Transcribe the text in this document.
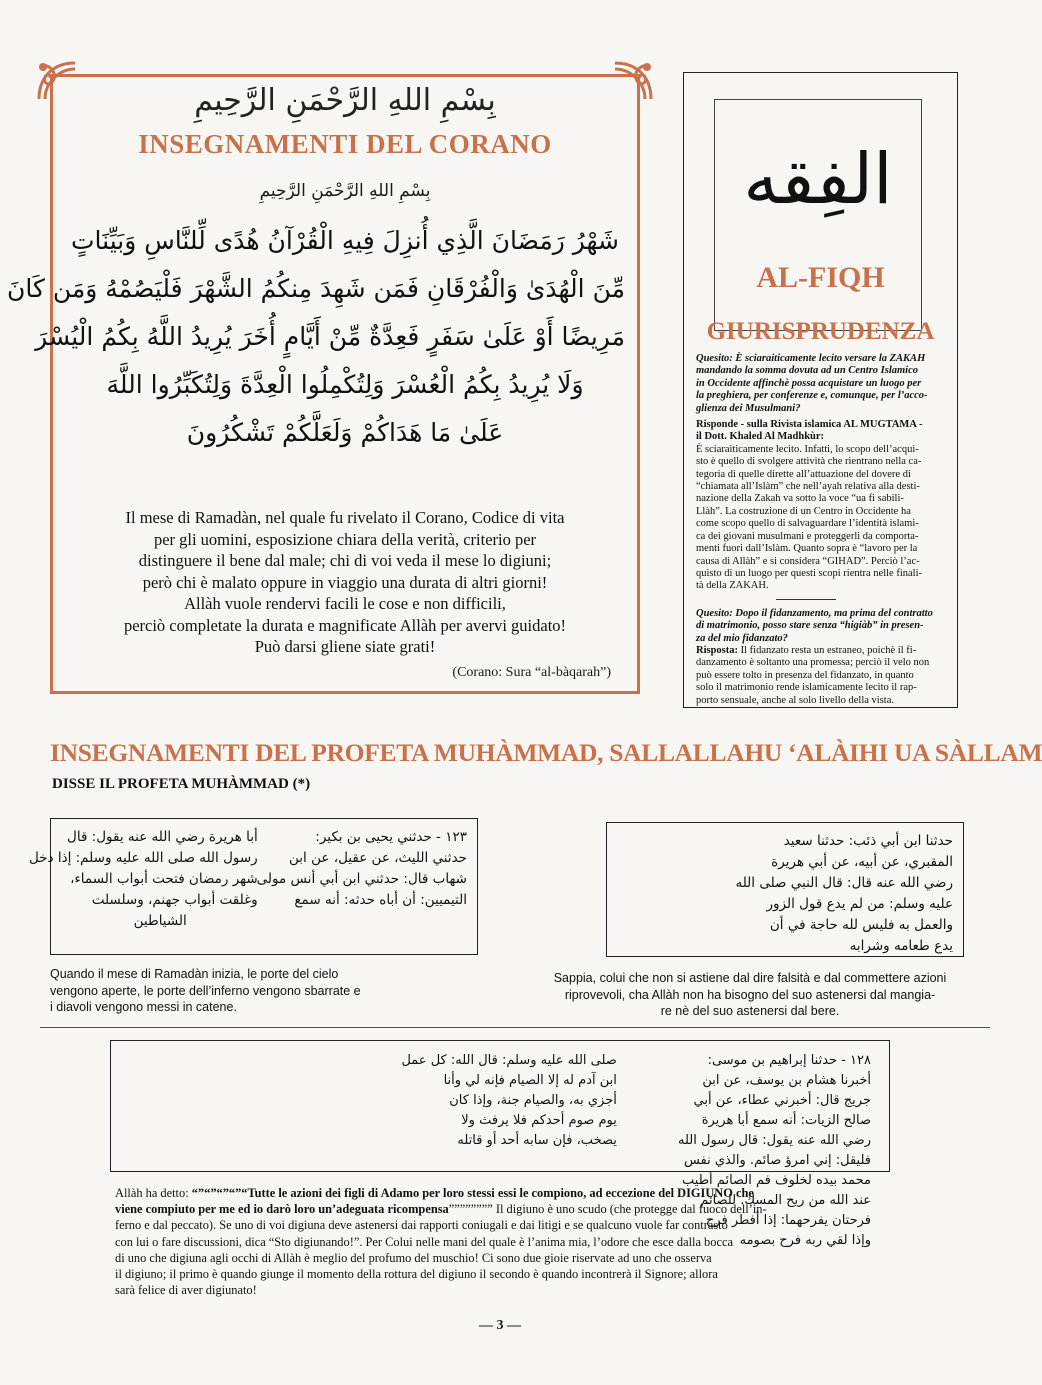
بِسْمِ اللهِ الرَّحْمَنِ الرَّحِيمِ
INSEGNAMENTI DEL CORANO
بِسْمِ اللهِ الرَّحْمَنِ الرَّحِيمِ
شَهْرُ رَمَضَانَ الَّذِي أُنزِلَ فِيهِ الْقُرْآنُ هُدًى لِّلنَّاسِ وَبَيِّنَاتٍ
مِّنَ الْهُدَىٰ وَالْفُرْقَانِ فَمَن شَهِدَ مِنكُمُ الشَّهْرَ فَلْيَصُمْهُ وَمَن كَانَ
مَرِيضًا أَوْ عَلَىٰ سَفَرٍ فَعِدَّةٌ مِّنْ أَيَّامٍ أُخَرَ يُرِيدُ اللَّهُ بِكُمُ الْيُسْرَ
وَلَا يُرِيدُ بِكُمُ الْعُسْرَ وَلِتُكْمِلُوا الْعِدَّةَ وَلِتُكَبِّرُوا اللَّهَ
عَلَىٰ مَا هَدَاكُمْ وَلَعَلَّكُمْ تَشْكُرُونَ
Il mese di Ramadàn, nel quale fu rivelato il Corano, Codice di vita
per gli uomini, esposizione chiara della verità, criterio per
distinguere il bene dal male; chi di voi veda il mese lo digiuni;
però chi è malato oppure in viaggio una durata di altri giorni!
Allàh vuole rendervi facili le cose e non difficili,
perciò completate la durata e magnificate Allàh per avervi guidato!
Può darsi gliene siate grati!
(Corano: Sura “al-bàqarah”)
الفِقه
AL-FIQH
GIURISPRUDENZA
Quesito: È sciaraiticamente lecito versare la ZAKAH
mandando la somma dovuta ad un Centro Islamico
in Occidente affinchè possa acquistare un luogo per
la preghiera, per conferenze e, comunque, per l’acco-
glienza dei Musulmani?
Risponde - sulla Rivista islamica AL MUGTAMA -
il Dott. Khaled Al Madhkùr:
È sciaraiticamente lecito. Infatti, lo scopo dell’acqui-
sto è quello di svolgere attività che rientrano nella ca-
tegoria di quelle dirette all’attuazione del dovere di
“chiamata all’Islàm” che nell’ayah relativa alla desti-
nazione della Zakah va sotto la voce “ua fi sabili-
Llàh”. La costruzione di un Centro in Occidente ha
come scopo quello di salvaguardare l’identità islami-
ca dei giovani musulmani e proteggerli da comporta-
menti fuori dall’Islàm. Quanto sopra è “lavoro per la
causa di Allàh” e si considera “GIHAD”. Perciò l’ac-
quisto di un luogo per questi scopi rientra nelle finali-
tà della ZAKAH.
Quesito: Dopo il fidanzamento, ma prima del contratto
di matrimonio, posso stare senza “higiàb” in presen-
za del mio fidanzato?
Risposta: Il fidanzato resta un estraneo, poichè il fi-
danzamento è soltanto una promessa; perciò il velo non
può essere tolto in presenza del fidanzato, in quanto
solo il matrimonio rende islamicamente lecito il rap-
porto sensuale, anche al solo livello della vista.
INSEGNAMENTI DEL PROFETA MUHÀMMAD, SALLALLAHU ‘ALÀIHI UA SÀLLAM
DISSE IL PROFETA MUHÀMMAD (*)
١٢٣ - حدثني يحيى بن بكير:
حدثني الليث، عن عقيل، عن ابن
شهاب قال: حدثني ابن أبي أنس مولى
التيميين: أن أباه حدثه: أنه سمع

أبا هريرة رضي الله عنه يقول: قال
رسول الله صلى الله عليه وسلم: إذا دخل
شهر رمضان فتحت أبواب السماء،
وغلقت أبواب جهنم، وسلسلت
الشياطين
حدثنا ابن أبي ذئب: حدثنا سعيد
المقبري، عن أبيه، عن أبي هريرة
رضي الله عنه قال: قال النبي صلى الله
عليه وسلم: من لم يدع قول الزور
والعمل به فليس لله حاجة في أن
يدع طعامه وشرابه
Quando il mese di Ramadàn inizia, le porte del cielo
vengono aperte, le porte dell’inferno vengono sbarrate e
i diavoli vengono messi in catene.
Sappia, colui che non si astiene dal dire falsità e dal commettere azioni
riprovevoli, cha Allàh non ha bisogno del suo astenersi dal mangia-
re nè del suo astenersi dal bere.
١٢٨ - حدثنا إبراهيم بن موسى:
أخبرنا هشام بن يوسف، عن ابن
جريج قال: أخبرني عطاء، عن أبي
صالح الزيات: أنه سمع أبا هريرة
رضي الله عنه يقول: قال رسول الله

صلى الله عليه وسلم: قال الله: كل عمل
ابن آدم له إلا الصيام فإنه لي وأنا
أجزي به، والصيام جنة، وإذا كان
يوم صوم أحدكم فلا يرفث ولا
يصخب، فإن سابه أحد أو قاتله

فليقل: إني امرؤ صائم. والذي نفس
محمد بيده لخلوف فم الصائم أطيب
عند الله من ريح المسك. للصائم
فرحتان يفرحهما: إذا أفطر فرح
وإذا لقي ربه فرح بصومه
Allàh ha detto: “”“”“”“”“Tutte le azioni dei figli di Adamo per loro stessi essi le compiono, ad eccezione del DIGIUNO che
viene compiuto per me ed io darò loro un’adeguata ricompensa”””””””” Il digiuno è uno scudo (che protegge dal fuoco dell’in-
ferno e dal peccato). Se uno di voi digiuna deve astenersi dai rapporti coniugali e dai litigi e se qualcuno vuole far contrasto
con lui o fare discussioni, dica “Sto digiunando!”. Per Colui nelle mani del quale è l’anima mia, l’odore che esce dalla bocca
di uno che digiuna agli occhi di Allàh è meglio del profumo del muschio! Ci sono due gioie riservate ad uno che osserva
il digiuno; il primo è quando giunge il momento della rottura del digiuno il secondo è quando incontrerà il Signore; allora
sarà felice di aver digiunato!
— 3 —
